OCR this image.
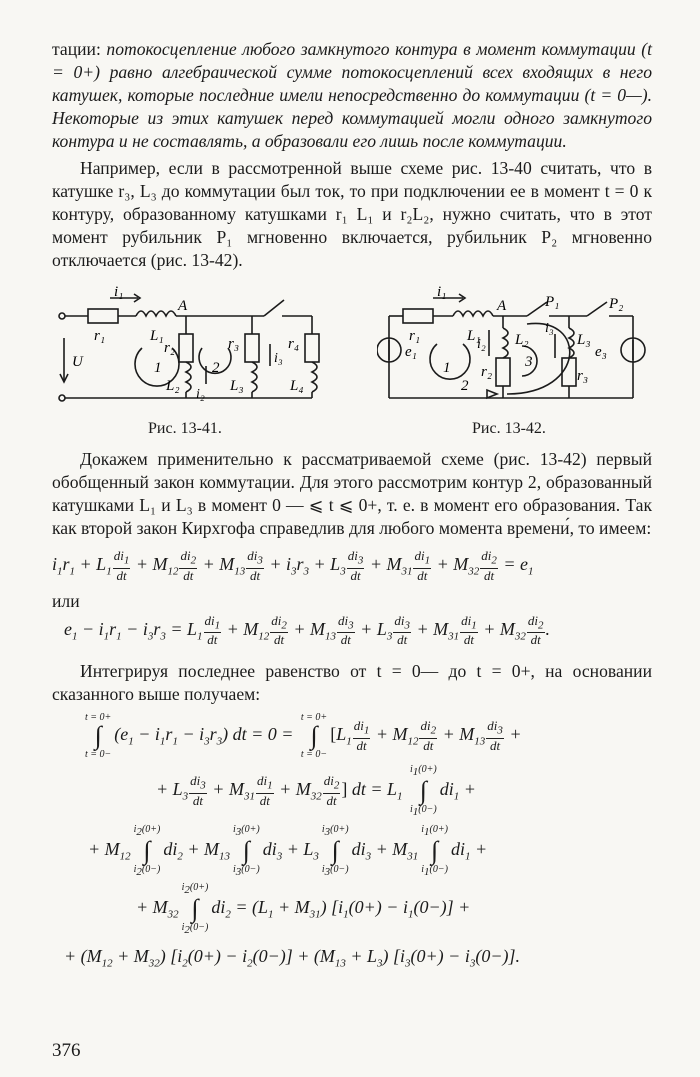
тации: потокосцепление любого замкнутого контура в момент коммутации (t = 0+) равно алгебраической сумме потокосцеплений всех входящих в него катушек, которые последние имели непосредственно до коммутации (t = 0—). Некоторые из этих катушек перед коммутацией могли одного замкнутого контура и не составлять, а образовали его лишь после коммутации.

Например, если в рассмотренной выше схеме рис. 13-40 считать, что в катушке r₃, L₃ до коммутации был ток, то при подключении ее в момент t = 0 к контуру, образованному катушками r₁ L₁ и r₂L₂, нужно считать, что в этот момент рубильник P₁ мгновенно включается, рубильник P₂ мгновенно отключается (рис. 13-42).

i₁
A
r₁	L₁
r₂	r₃	r₄
U	1	2
L₂
i₂
L₃
i₃
L₄
i₁
A	P₁	P₂
r₁	L₁
i₂ L₂
i₃
L₃
e₁	e₃
1	3
r₂	r₃
2
Рис. 13-41.	Рис. 13-42.

Докажем применительно к рассматриваемой схеме (рис. 13-42) первый обобщенный закон коммутации. Для этого рассмотрим контур 2, образованный катушками L₁ и L₃ в момент 0 — ⩽ t ⩽ 0+, т. е. в момент его образования. Так как второй закон Кирхгофа справедлив для любого момента времени́, то имеем:

$i_1r_1 + L_1 \frac{di_1}{dt} + M_{12} \frac{di_2}{dt} + M_{13} \frac{di_3}{dt} + i_3r_3 + L_3 \frac{di_3}{dt} + M_{31} \frac{di_1}{dt} + M_{32} \frac{di_2}{dt} = e_1$

или

$e_1 - i_1r_1 - i_3r_3 = L_1 \frac{di_1}{dt} + M_{12} \frac{di_2}{dt} + M_{13} \frac{di_3}{dt} + L_3 \frac{di_3}{dt} + M_{31} \frac{di_1}{dt} + M_{32} \frac{di_2}{dt}$ .

Интегрируя последнее равенство от t = 0— до t = 0+, на основании сказанного выше получаем:

t = 0+
∫
$t = 0-(e_1 - i_1r_1 - i_3r_3)$ dt = 0 = t = 0+
∫
$t = 0-[L_1 \frac{di_1}{dt} + M_{12} \frac{di_2}{dt} + M_{13} \frac{di_3}{dt}$ +
+ $L_3 \frac{di_3}{dt} + M_{31} \frac{di_1}{dt} + M_{32} \frac{di_2}{dt}$ ] dt = $L_1$ $i_1(0+)$
∫
$i_1(0-)di_1$ +
+ $M_{12}i_2(0+)$
∫
$i_2(0-)di_2 + M_{13}i_3(0+)$
∫
$i_3(0-)di_3 + L_3i_3(0+)$
∫
$i_3(0-)di_3 + M_{31}i_1(0+)$
∫
$i_1(0-)di_1$ +
+ $M_{32}i_2(0+)$
∫
$i_2(0-)di_2 = (L_1 + M_{31}) [i_1(0+) - i_1(0-)]$ +
+ $(M_{12} + M_{32}) [i_2(0+) - i_2(0-)] + (M_{13} + L_3) [i_3(0+) - i_3(0-)]$.
376
